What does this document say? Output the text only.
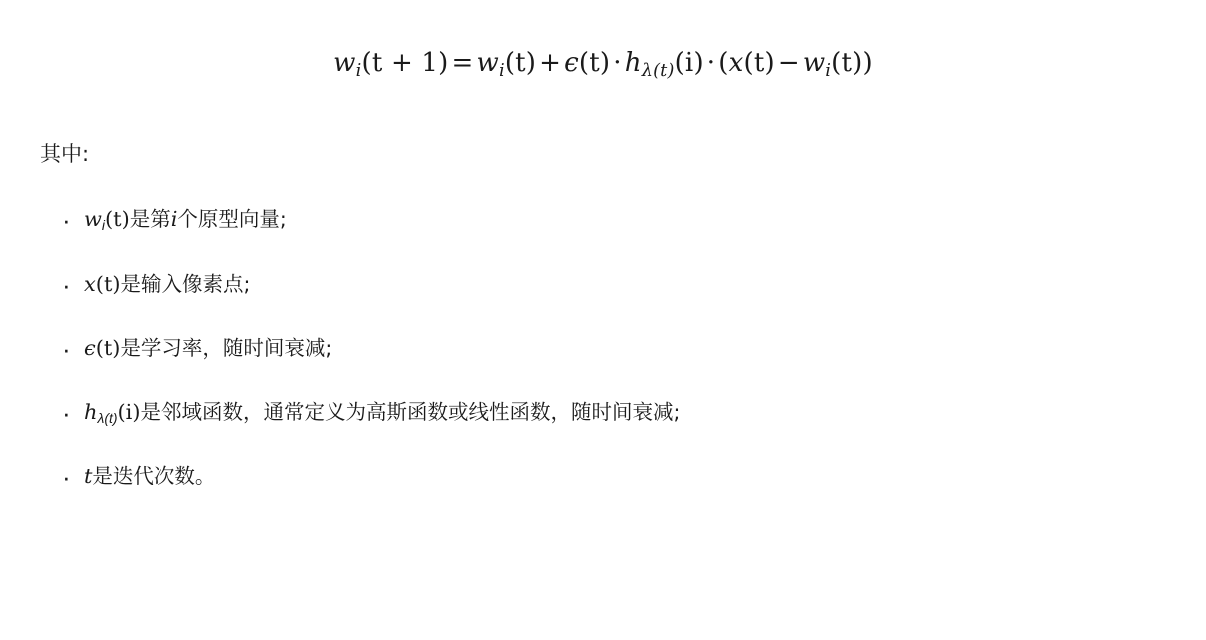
$w_i(t + 1) = w_i(t) + \epsilon(t) \cdot h_{\lambda(t)}(i) \cdot (x(t) - w_i(t))$
其中:
· $w_i(t)$是第i个原型向量;
· x(t)是输入像素点;
· ϵ(t)是学习率，随时间衰减;
· $h_{\lambda(t)}(i)$是邻域函数，通常定义为高斯函数或线性函数，随时间衰减;
· t是迭代次数。
